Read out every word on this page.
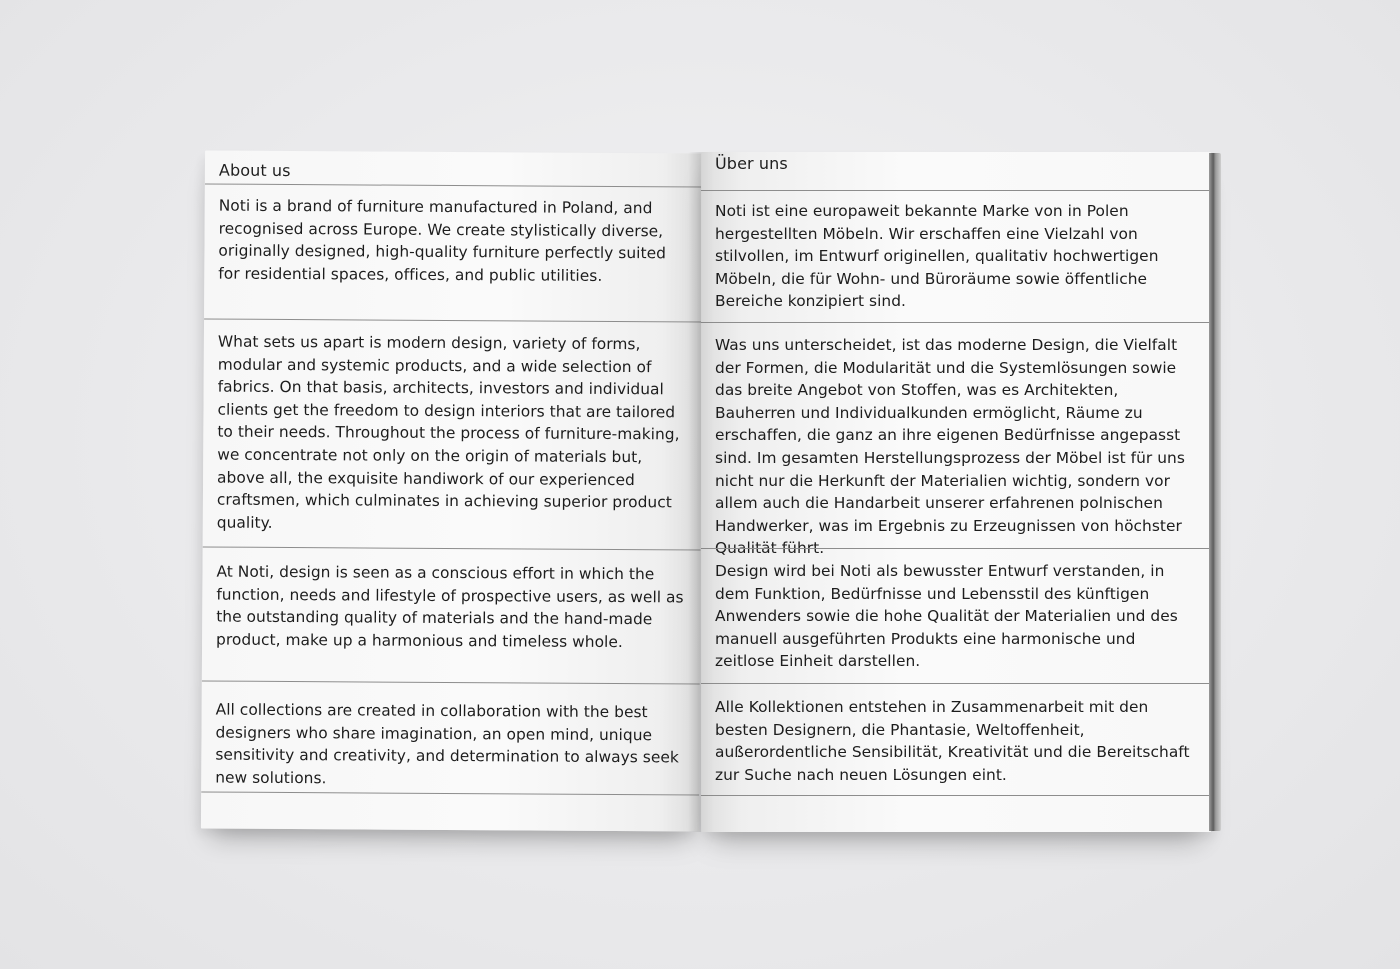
About us

Noti is a brand of furniture manufactured in Poland, and recognised across Europe. We create stylistically diverse, originally designed, high-quality furniture perfectly suited for residential spaces, offices, and public utilities.

What sets us apart is modern design, variety of forms, modular and systemic products, and a wide selection of fabrics. On that basis, architects, investors and individual clients get the freedom to design interiors that are tailored to their needs. Throughout the process of furniture-making, we concentrate not only on the origin of materials but, above all, the exquisite handiwork of our experienced craftsmen, which culminates in achieving superior product quality.

At Noti, design is seen as a conscious effort in which the function, needs and lifestyle of prospective users, as well as the outstanding quality of materials and the hand-made product, make up a harmonious and timeless whole.

All collections are created in collaboration with the best designers who share imagination, an open mind, unique sensitivity and creativity, and determination to always seek new solutions.

Über uns

Noti ist eine europaweit bekannte Marke von in Polen hergestellten Möbeln. Wir erschaffen eine Vielzahl von stilvollen, im Entwurf originellen, qualitativ hochwertigen Möbeln, die für Wohn- und Büroräume sowie öffentliche Bereiche konzipiert sind.

Was uns unterscheidet, ist das moderne Design, die Vielfalt der Formen, die Modularität und die Systemlösungen sowie das breite Angebot von Stoffen, was es Architekten, Bauherren und Individualkunden ermöglicht, Räume zu erschaffen, die ganz an ihre eigenen Bedürfnisse angepasst sind. Im gesamten Herstellungsprozess der Möbel ist für uns nicht nur die Herkunft der Materialien wichtig, sondern vor allem auch die Handarbeit unserer erfahrenen polnischen Handwerker, was im Ergebnis zu Erzeugnissen von höchster Qualität führt.

Design wird bei Noti als bewusster Entwurf verstanden, in dem Funktion, Bedürfnisse und Lebensstil des künftigen Anwenders sowie die hohe Qualität der Materialien und des manuell ausgeführten Produkts eine harmonische und zeitlose Einheit darstellen.

Alle Kollektionen entstehen in Zusammenarbeit mit den besten Designern, die Phantasie, Weltoffenheit, außerordentliche Sensibilität, Kreativität und die Bereitschaft zur Suche nach neuen Lösungen eint.
